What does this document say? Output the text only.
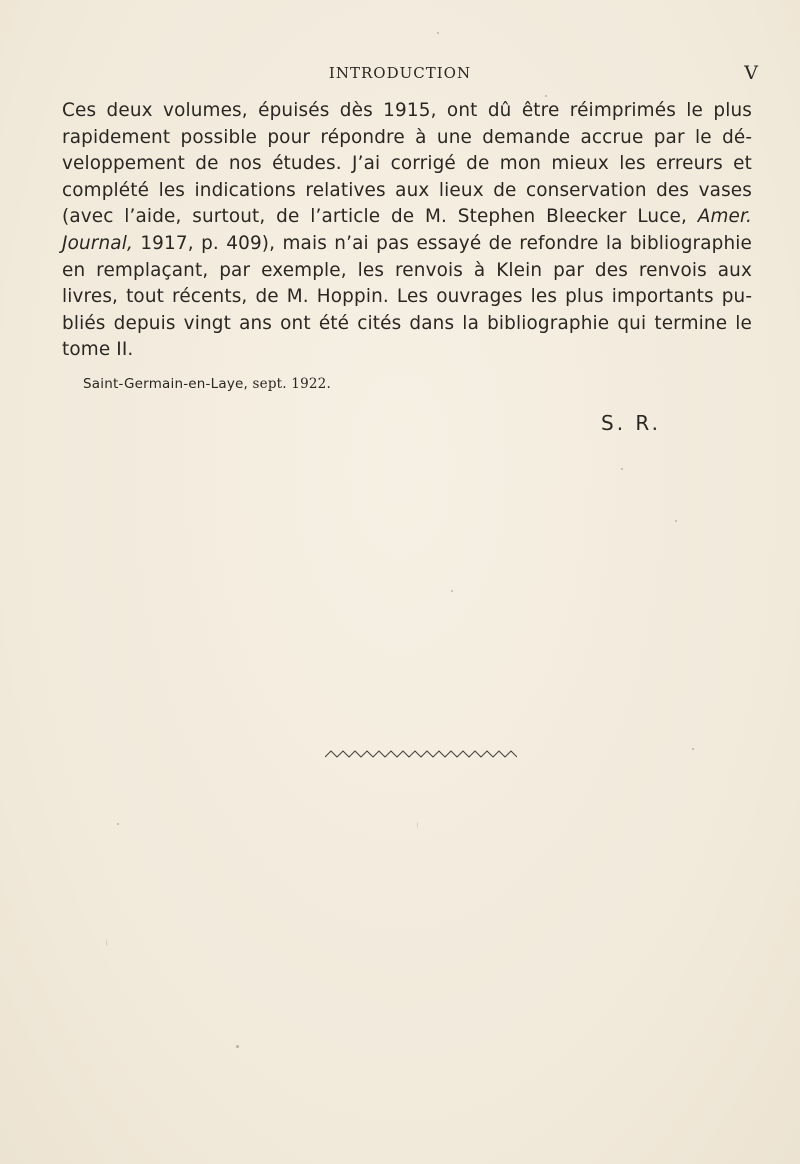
INTRODUCTION	V

Ces deux volumes, épuisés dès 1915, ont dû être réimprimés le plus rapidement possible pour répondre à une demande accrue par le développement de nos études. J’ai corrigé de mon mieux les erreurs et complété les indications relatives aux lieux de conservation des vases (avec l’aide, surtout, de l’article de M. Stephen Bleecker Luce, Amer. Journal, 1917, p. 409), mais n’ai pas essayé de refondre la bibliographie en remplaçant, par exemple, les renvois à Klein par des renvois aux livres, tout récents, de M. Hoppin. Les ouvrages les plus importants publiés depuis vingt ans ont été cités dans la bibliographie qui termine le tome II.

Saint-Germain-en-Laye, sept. 1922.
S. R.
